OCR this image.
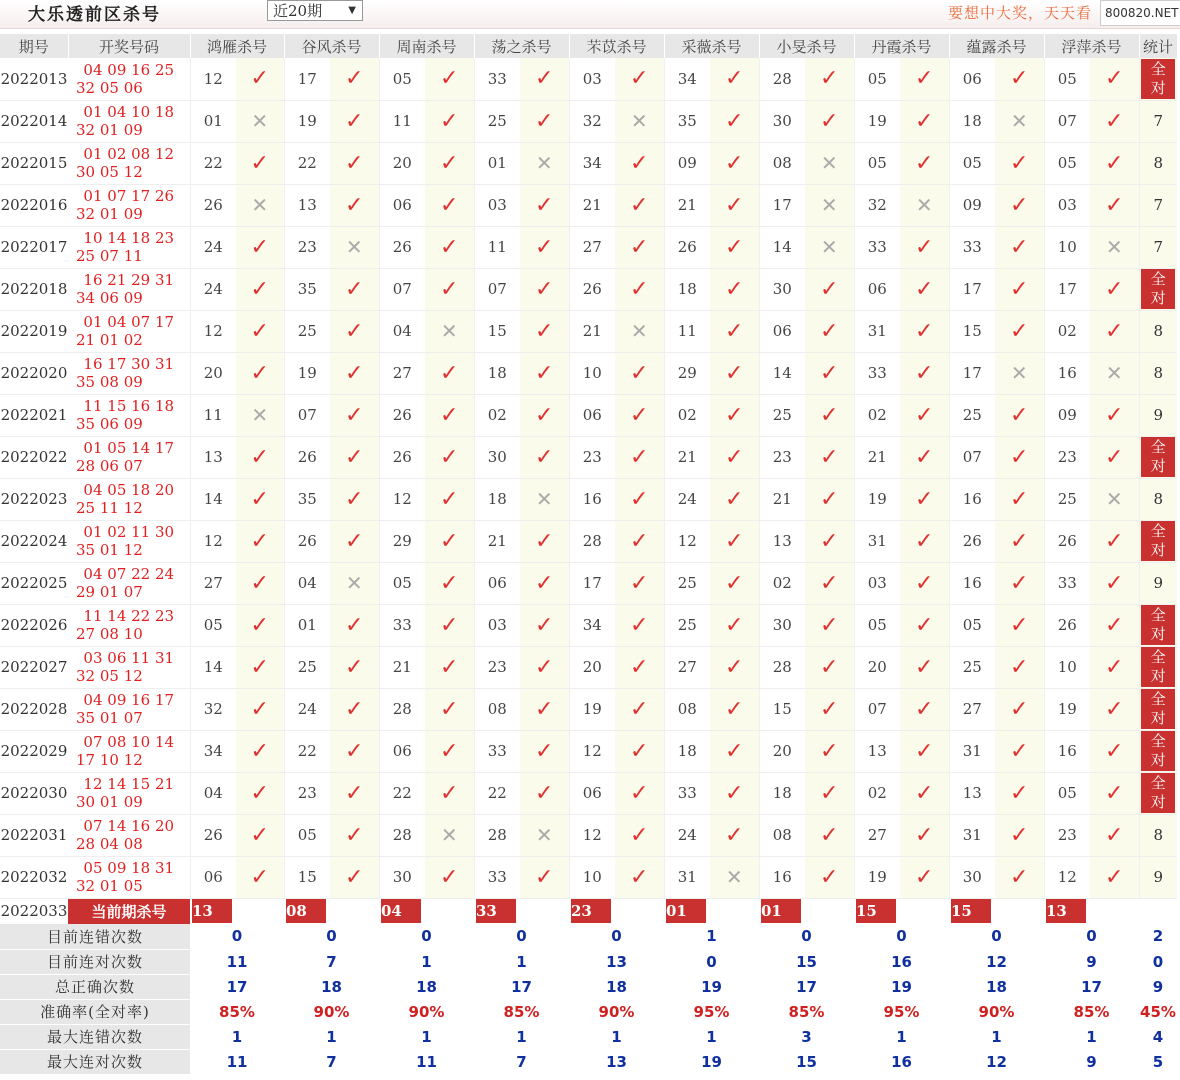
大乐透前区杀号	近20期	▼	要想中大奖，天天看	800820.NET
期号	开奖号码	鸿雁杀号		谷风杀号		周南杀号		荡之杀号		芣苡杀号		采薇杀号		小旻杀号		丹霞杀号		蕴露杀号		浮萍杀号		统计
2022013	04 09 16 25
32 05 06	12	✓	17	✓	05	✓	33	✓	03	✓	34	✓	28	✓	05	✓	06	✓	05	✓	全
对

2022014	01 04 10 18
32 01 09	01	✕	19	✓	11	✓	25	✓	32	✕	35	✓	30	✓	19	✓	18	✕	07	✓	7
2022015	01 02 08 12
30 05 12	22	✓	22	✓	20	✓	01	✕	34	✓	09	✓	08	✕	05	✓	05	✓	05	✓	8
2022016	01 07 17 26
32 01 09	26	✕	13	✓	06	✓	03	✓	21	✓	21	✓	17	✕	32	✕	09	✓	03	✓	7
2022017	10 14 18 23
25 07 11	24	✓	23	✕	26	✓	11	✓	27	✓	26	✓	14	✕	33	✓	33	✓	10	✕	7
2022018	16 21 29 31
34 06 09	24	✓	35	✓	07	✓	07	✓	26	✓	18	✓	30	✓	06	✓	17	✓	17	✓	全
对

2022019	01 04 07 17
21 01 02	12	✓	25	✓	04	✕	15	✓	21	✕	11	✓	06	✓	31	✓	15	✓	02	✓	8
2022020	16 17 30 31
35 08 09	20	✓	19	✓	27	✓	18	✓	10	✓	29	✓	14	✓	33	✓	17	✕	16	✕	8
2022021	11 15 16 18
35 06 09	11	✕	07	✓	26	✓	02	✓	06	✓	02	✓	25	✓	02	✓	25	✓	09	✓	9
2022022	01 05 14 17
28 06 07	13	✓	26	✓	26	✓	30	✓	23	✓	21	✓	23	✓	21	✓	07	✓	23	✓	全
对

2022023	04 05 18 20
25 11 12	14	✓	35	✓	12	✓	18	✕	16	✓	24	✓	21	✓	19	✓	16	✓	25	✕	8
2022024	01 02 11 30
35 01 12	12	✓	26	✓	29	✓	21	✓	28	✓	12	✓	13	✓	31	✓	26	✓	26	✓	全
对

2022025	04 07 22 24
29 01 07	27	✓	04	✕	05	✓	06	✓	17	✓	25	✓	02	✓	03	✓	16	✓	33	✓	9
2022026	11 14 22 23
27 08 10	05	✓	01	✓	33	✓	03	✓	34	✓	25	✓	30	✓	05	✓	05	✓	26	✓	全
对

2022027	03 06 11 31
32 05 12	14	✓	25	✓	21	✓	23	✓	20	✓	27	✓	28	✓	20	✓	25	✓	10	✓	全
对

2022028	04 09 16 17
35 01 07	32	✓	24	✓	28	✓	08	✓	19	✓	08	✓	15	✓	07	✓	27	✓	19	✓	全
对

2022029	07 08 10 14
17 10 12	34	✓	22	✓	06	✓	33	✓	12	✓	18	✓	20	✓	13	✓	31	✓	16	✓	全
对

2022030	12 14 15 21
30 01 09	04	✓	23	✓	22	✓	22	✓	06	✓	33	✓	18	✓	02	✓	13	✓	05	✓	全
对

2022031	07 14 16 20
28 04 08	26	✓	05	✓	28	✕	28	✕	12	✓	24	✓	08	✓	27	✓	31	✓	23	✓	8
2022032	05 09 18 31
32 01 05	06	✓	15	✓	30	✓	33	✓	10	✓	31	✕	16	✓	19	✓	30	✓	12	✓	9
2022033	当前期杀号	13		08		04		33		23		01		01		15		15		13		
目前连错次数		0		0		0		0		0		1		0		0		0		0		2
目前连对次数		11		7		1		1		13		0		15		16		12		9		0
总正确次数		17		18		18		17		18		19		17		19		18		17		9
准确率(全对率)		85%		90%		90%		85%		90%		95%		85%		95%		90%		85%		45%
最大连错次数		1		1		1		1		1		1		3		1		1		1		4
最大连对次数		11		7		11		7		13		19		15		16		12		9		5
